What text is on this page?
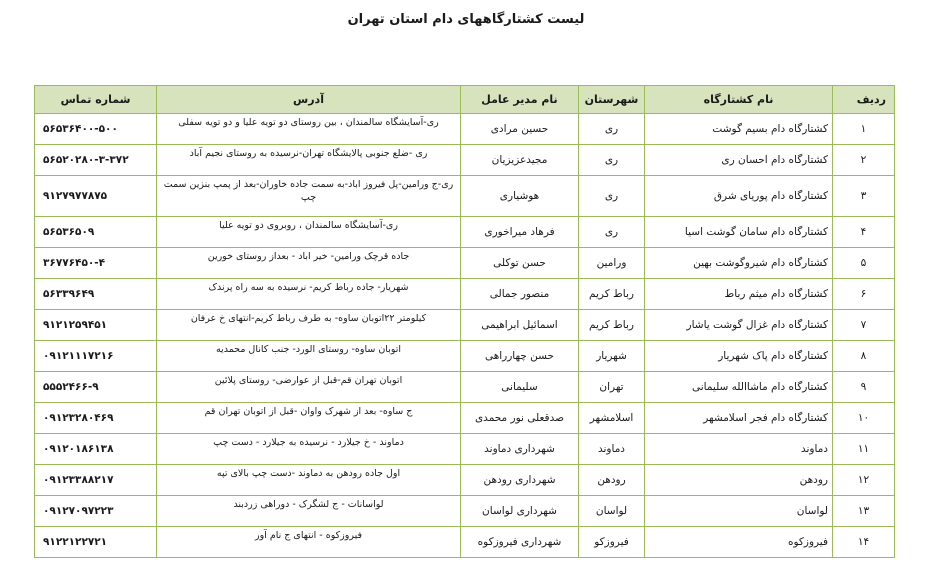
لیست کشتارگاههای دام استان تهران
ردیف	نام کشتارگاه	شهرستان	نام مدیر عامل	آدرس	شماره تماس
۱	کشتارگاه دام بسیم گوشت	ری	حسین مرادی	ری-آسایشگاه سالمندان ، بین روستای دو تویه علیا و دو تویه سفلی	۵۶۵۳۶۴۰۰-۵۰۰
۲	کشتارگاه دام احسان ری	ری	مجیدعزیزیان	ری -ضلع جنوبی پالایشگاه تهران-نرسیده به روستای نجیم آباد	۵۶۵۲۰۲۸۰-۳-۳۷۲
۳	کشتارگاه دام پوریای شرق	ری	هوشیاری	ری-ج ورامین-پل فیروز اباد-به سمت جاده خاوران-بعد از پمپ بنزین سمت چپ	۹۱۲۷۹۷۷۸۷۵
۴	کشتارگاه دام سامان گوشت اسیا	ری	فرهاد میراخوری	ری-آسایشگاه سالمندان ، روبروی دو تویه علیا	۵۶۵۳۶۵۰۹
۵	کشتارگاه دام شیروگوشت بهین	ورامین	حسن توکلی	جاده قرچک ورامین- خیر اباد - بعداز روستای خورین	۳۶۷۷۶۴۵۰-۴
۶	کشتارگاه دام میثم رباط	رباط کریم	منصور جمالی	شهریار- جاده رباط کریم- نرسیده به سه راه پرندک	۵۶۳۳۹۶۴۹
۷	کشتارگاه دام غزال گوشت یاشار	رباط کریم	اسمائیل ابراهیمی	کیلومتر ۲۲اتوبان ساوه- به طرف رباط کریم-انتهای خ عرفان	۹۱۲۱۲۵۹۴۵۱
۸	کشتارگاه دام پاک شهریار	شهریار	حسن چهارراهی	اتوبان ساوه- روستای الورد- جنب کانال محمدیه	۰۹۱۲۱۱۱۷۲۱۶
۹	کشتارگاه دام ماشاالله سلیمانی	تهران	سلیمانی	اتوبان تهران قم-قبل از عوارضی- روستای پلائین	۵۵۵۲۴۶۶-۹
۱۰	کشتارگاه دام فجر اسلامشهر	اسلامشهر	صدقعلی نور محمدی	ج ساوه- بعد از شهرک واوان -قبل از اتوبان تهران قم	۰۹۱۲۳۲۸۰۴۶۹
۱۱	دماوند	دماوند	شهرداری دماوند	دماوند - خ جیلارد - نرسیده به جیلارد - دست چپ	۰۹۱۲۰۱۸۶۱۳۸
۱۲	رودهن	رودهن	شهرداری رودهن	اول جاده رودهن به دماوند -دست چپ بالای تپه	۰۹۱۲۳۳۸۸۲۱۷
۱۳	لواسان	لواسان	شهرداری لواسان	لواسانات - ج لشگرک - دوراهی زردبند	۰۹۱۲۷۰۹۷۲۲۳
۱۴	فیروزکوه	فیروزکو	شهرداری فیروزکوه	فیروزکوه - انتهای ج نام آور	۹۱۲۲۱۲۲۷۲۱
